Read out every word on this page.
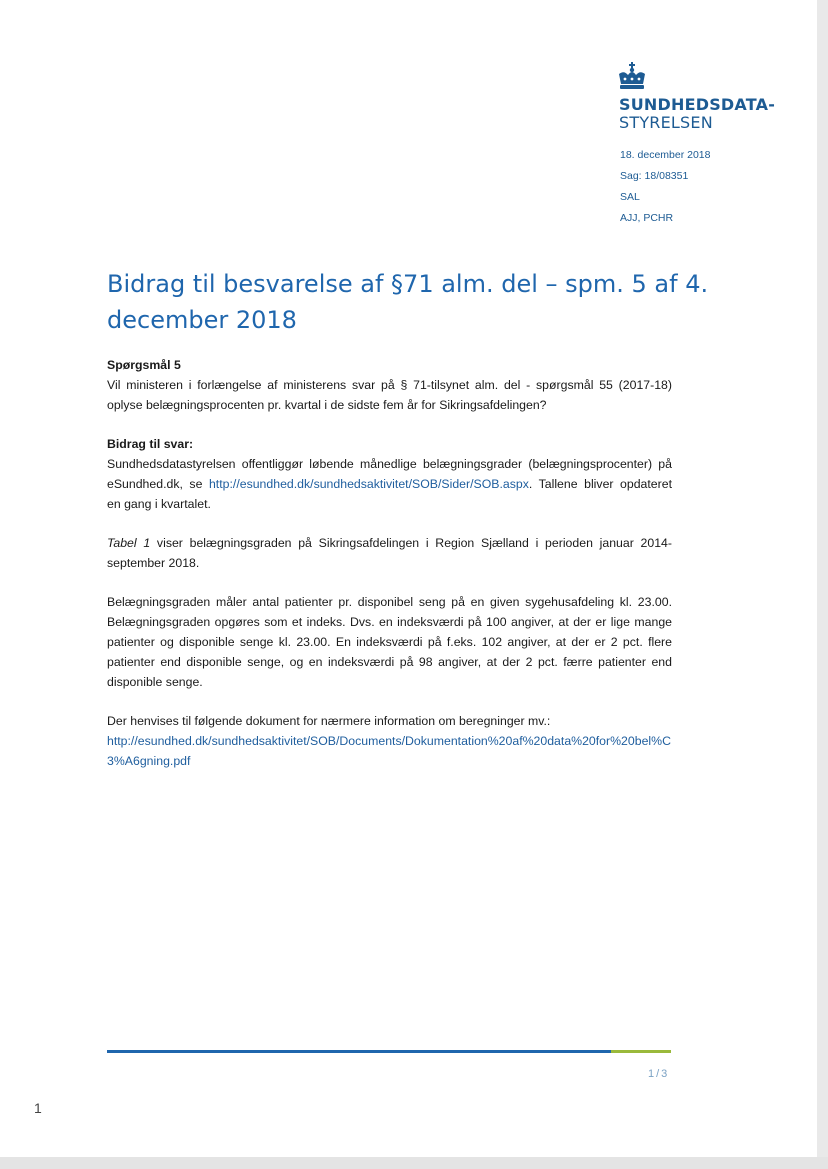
SUNDHEDSDATA-
STYRELSEN
18. december 2018
Sag: 18/08351
SAL
AJJ, PCHR
Bidrag til besvarelse af §71 alm. del – spm. 5 af 4. december 2018

Spørgsmål 5
Vil ministeren i forlængelse af ministerens svar på § 71-tilsynet alm. del - spørgsmål 55 (2017-18) oplyse belægningsprocenten pr. kvartal i de sidste fem år for Sikringsafdelingen?

Bidrag til svar:
Sundhedsdatastyrelsen offentliggør løbende månedlige belægningsgrader (belægningsprocenter) på eSundhed.dk, se http://esundhed.dk/sundhedsaktivitet/SOB/Sider/SOB.aspx. Tallene bliver opdateret en gang i kvartalet.

Tabel 1 viser belægningsgraden på Sikringsafdelingen i Region Sjælland i perioden januar 2014-september 2018.

Belægningsgraden måler antal patienter pr. disponibel seng på en given sygehusafdeling kl. 23.00. Belægningsgraden opgøres som et indeks. Dvs. en indeksværdi på 100 angiver, at der er lige mange patienter og disponible senge kl. 23.00. En indeksværdi på f.eks. 102 angiver, at der er 2 pct. flere patienter end disponible senge, og en indeksværdi på 98 angiver, at der 2 pct. færre patienter end disponible senge.

Der henvises til følgende dokument for nærmere information om beregninger mv.:
http://esundhed.dk/sundhedsaktivitet/SOB/Documents/Dokumentation%20af%20data%20for%20bel%C3%A6gning.pdf

1/3
1
